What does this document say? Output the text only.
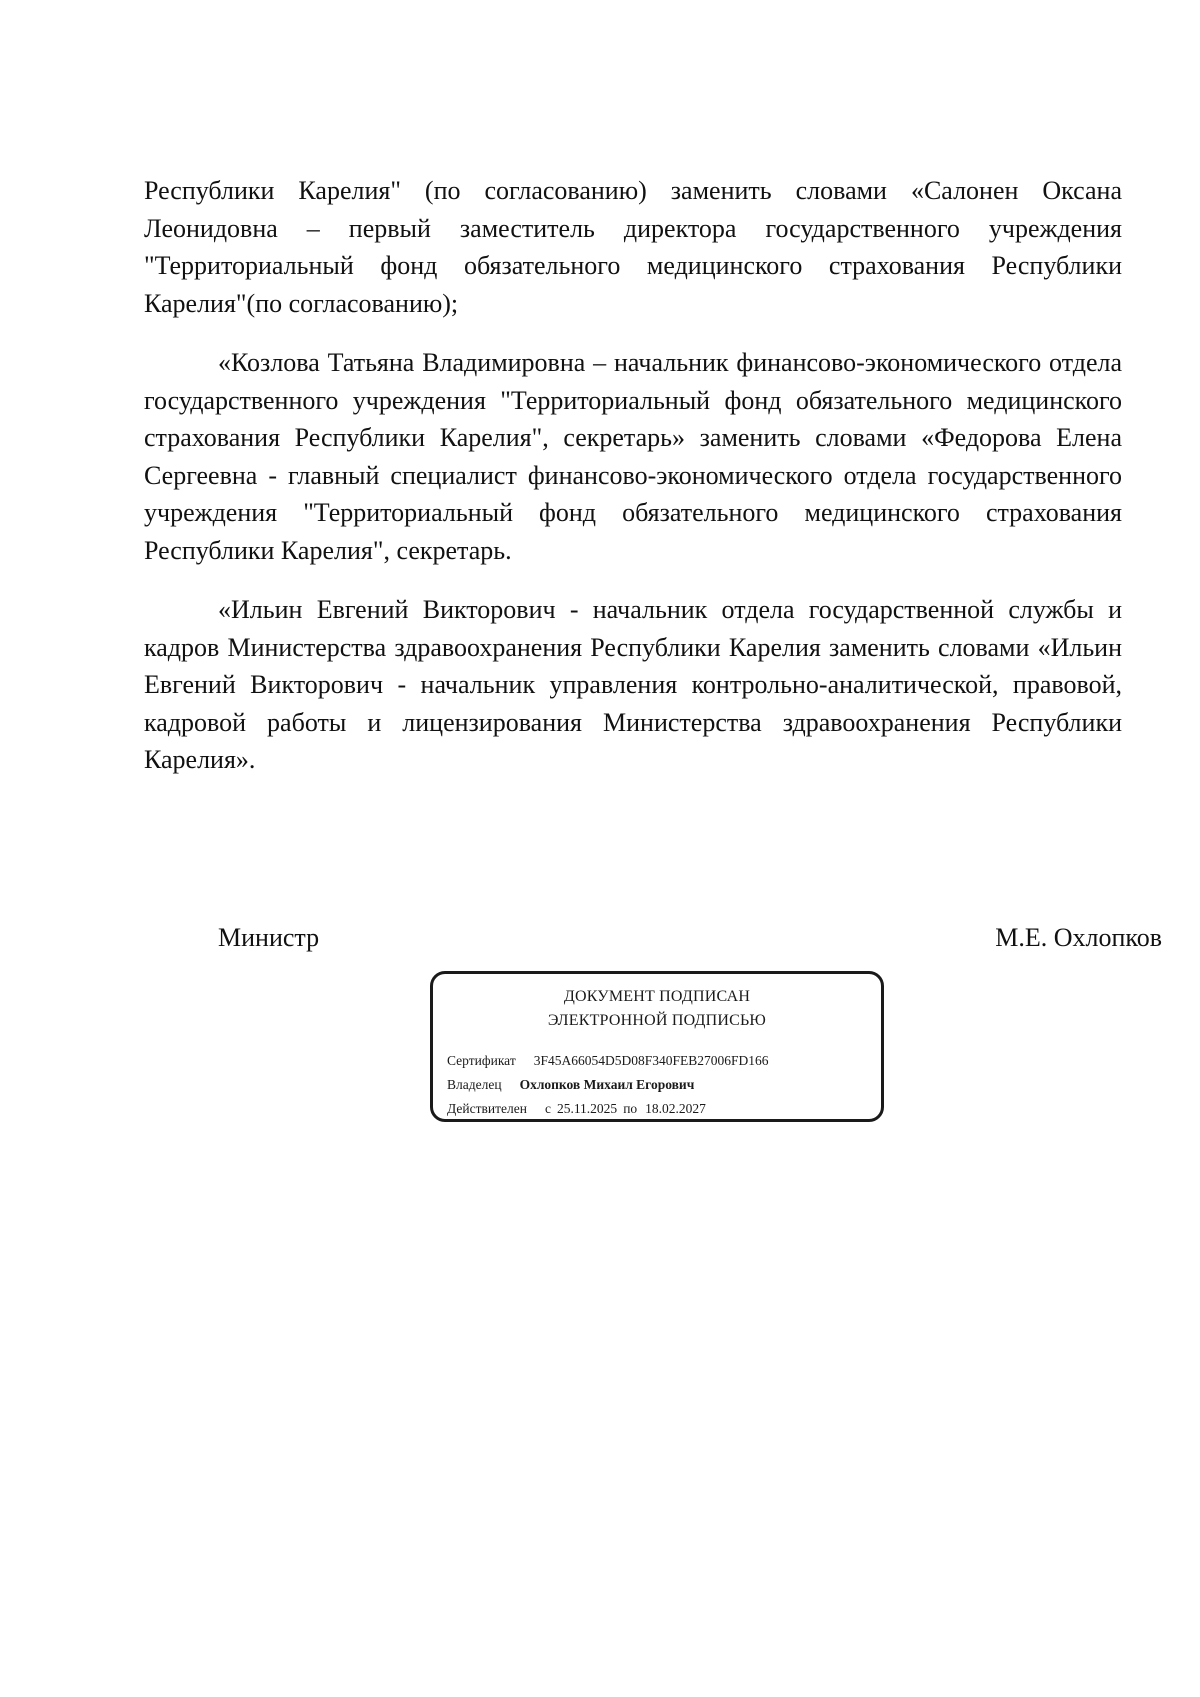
Республики Карелия" (по согласованию) заменить словами «Салонен Оксана Леонидовна – первый заместитель директора государственного учреждения "Территориальный фонд обязательного медицинского страхования Республики Карелия"(по согласованию);

«Козлова Татьяна Владимировна – начальник финансово-экономического отдела государственного учреждения "Территориальный фонд обязательного медицинского страхования Республики Карелия", секретарь» заменить словами «Федорова Елена Сергеевна - главный специалист финансово-экономического отдела государственного учреждения "Территориальный фонд обязательного медицинского страхования Республики Карелия", секретарь.

«Ильин Евгений Викторович - начальник отдела государственной службы и кадров Министерства здравоохранения Республики Карелия заменить словами «Ильин Евгений Викторович - начальник управления контрольно-аналитической, правовой, кадровой работы и лицензирования Министерства здравоохранения Республики Карелия».

Министр	М.Е. Охлопков
ДОКУМЕНТ ПОДПИСАН
ЭЛЕКТРОННОЙ ПОДПИСЬЮ
Сертификат 3F45A66054D5D08F340FEB27006FD166
Владелец Охлопков Михаил Егорович
Действителен с 25.11.2025 по 18.02.2027
